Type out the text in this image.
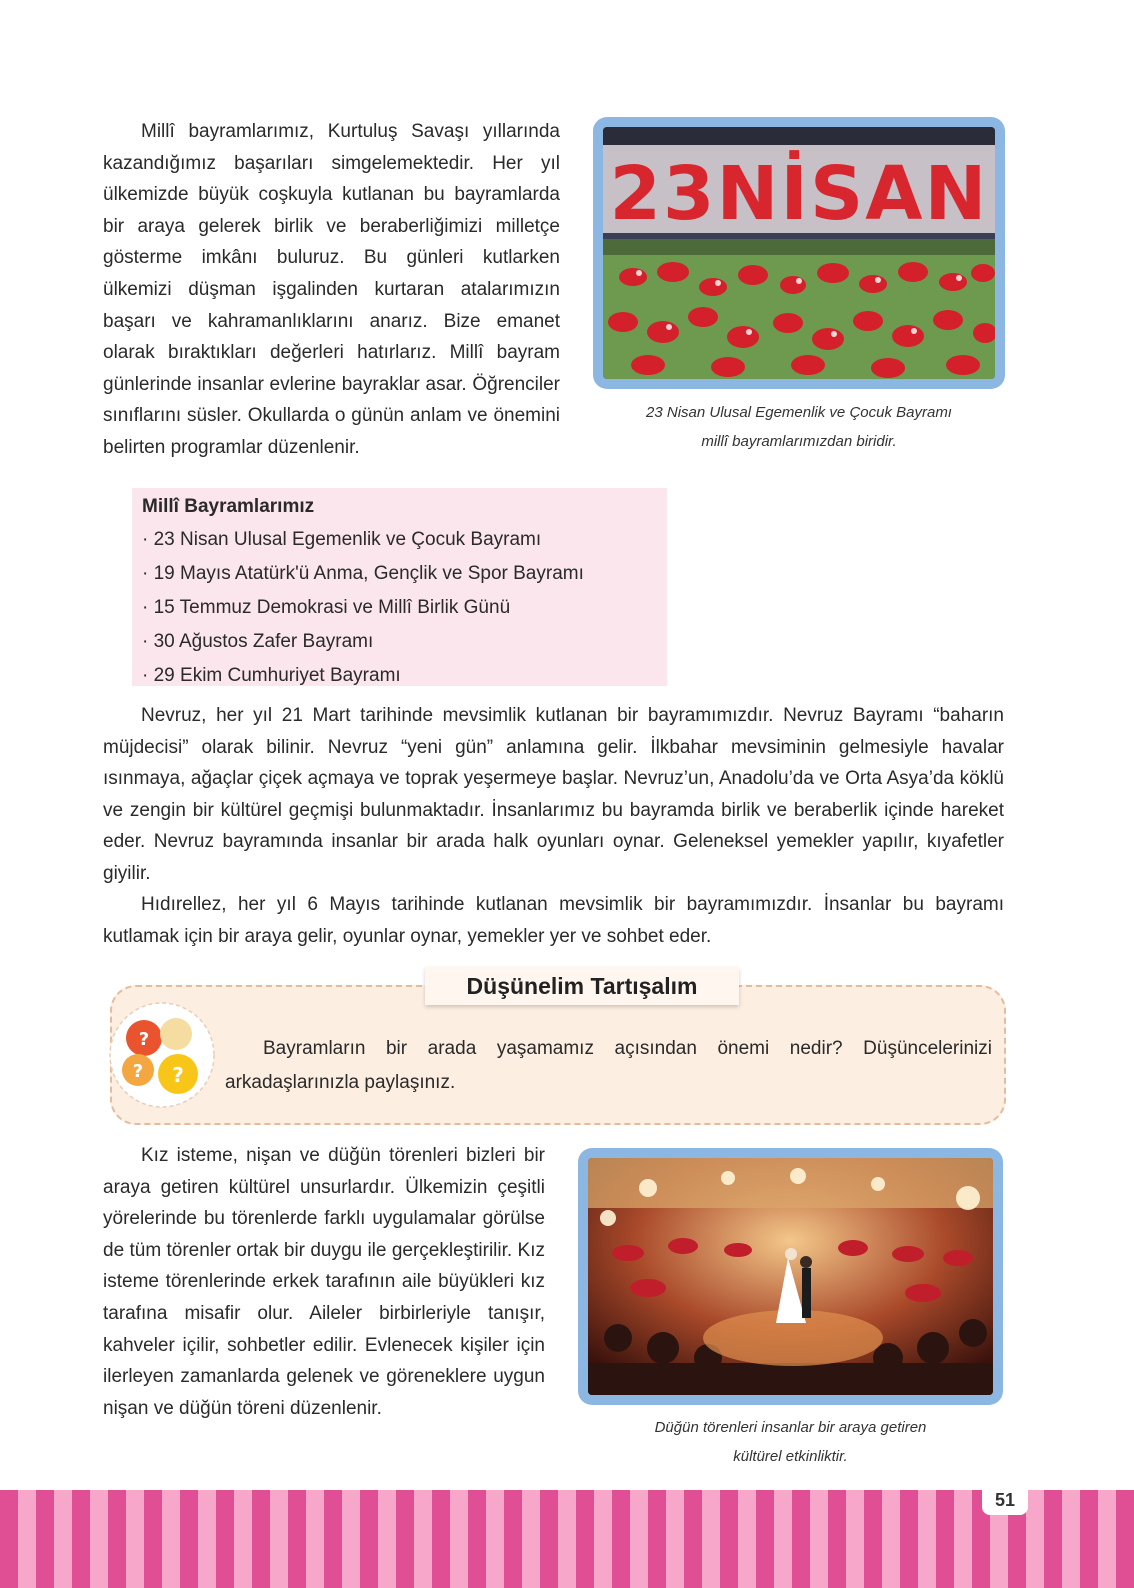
Millî bayramlarımız, Kurtuluş Savaşı yıllarında kazandığımız başarıları simgelemektedir. Her yıl ülkemizde büyük coşkuyla kutlanan bu bayramlarda bir araya gelerek birlik ve beraberliğimizi milletçe gösterme imkânı buluruz. Bu günleri kutlarken ülkemizi düşman işgalinden kurtaran atalarımızın başarı ve kahramanlıklarını anarız. Bize emanet olarak bıraktıkları değerleri hatırlarız. Millî bayram günlerinde insanlar evlerine bayraklar asar. Öğrenciler sınıflarını süsler. Okullarda o günün anlam ve önemini belirten programlar düzenlenir.

23NİSAN
23 Nisan Ulusal Egemenlik ve Çocuk Bayramı
millî bayramlarımızdan biridir.
Millî Bayramlarımız
· 23 Nisan Ulusal Egemenlik ve Çocuk Bayramı
· 19 Mayıs Atatürk'ü Anma, Gençlik ve Spor Bayramı
· 15 Temmuz Demokrasi ve Millî Birlik Günü
· 30 Ağustos Zafer Bayramı
· 29 Ekim Cumhuriyet Bayramı

Nevruz, her yıl 21 Mart tarihinde mevsimlik kutlanan bir bayramımızdır. Nevruz Bayramı “baharın müjdecisi” olarak bilinir. Nevruz “yeni gün” anlamına gelir. İlkbahar mevsiminin gelmesiyle havalar ısınmaya, ağaçlar çiçek açmaya ve toprak yeşermeye başlar. Nevruz’un, Anadolu’da ve Orta Asya’da köklü ve zengin bir kültürel geçmişi bulunmaktadır. İnsanlarımız bu bayramda birlik ve beraberlik içinde hareket eder. Nevruz bayramında insanlar bir arada halk oyunları oynar. Geleneksel yemekler yapılır, kıyafetler giyilir.

Hıdırellez, her yıl 6 Mayıs tarihinde kutlanan mevsimlik bir bayramımızdır. İnsanlar bu bayramı kutlamak için bir araya gelir, oyunlar oynar, yemekler yer ve sohbet eder.

Düşünelim Tartışalım
?
? ?

Bayramların bir arada yaşamamız açısından önemi nedir? Düşüncelerinizi arkadaşlarınızla paylaşınız.

Kız isteme, nişan ve düğün törenleri bizleri bir araya getiren kültürel unsurlardır. Ülkemizin çeşitli yörelerinde bu törenlerde farklı uygulamalar görülse de tüm törenler ortak bir duygu ile gerçekleştirilir. Kız isteme törenlerinde erkek tarafının aile büyükleri kız tarafına misafir olur. Aileler birbirleriyle tanışır, kahveler içilir, sohbetler edilir. Evlenecek kişiler için ilerleyen zamanlarda gelenek ve göreneklere uygun nişan ve düğün töreni düzenlenir.

Düğün törenleri insanlar bir araya getiren
kültürel etkinliktir.
51
